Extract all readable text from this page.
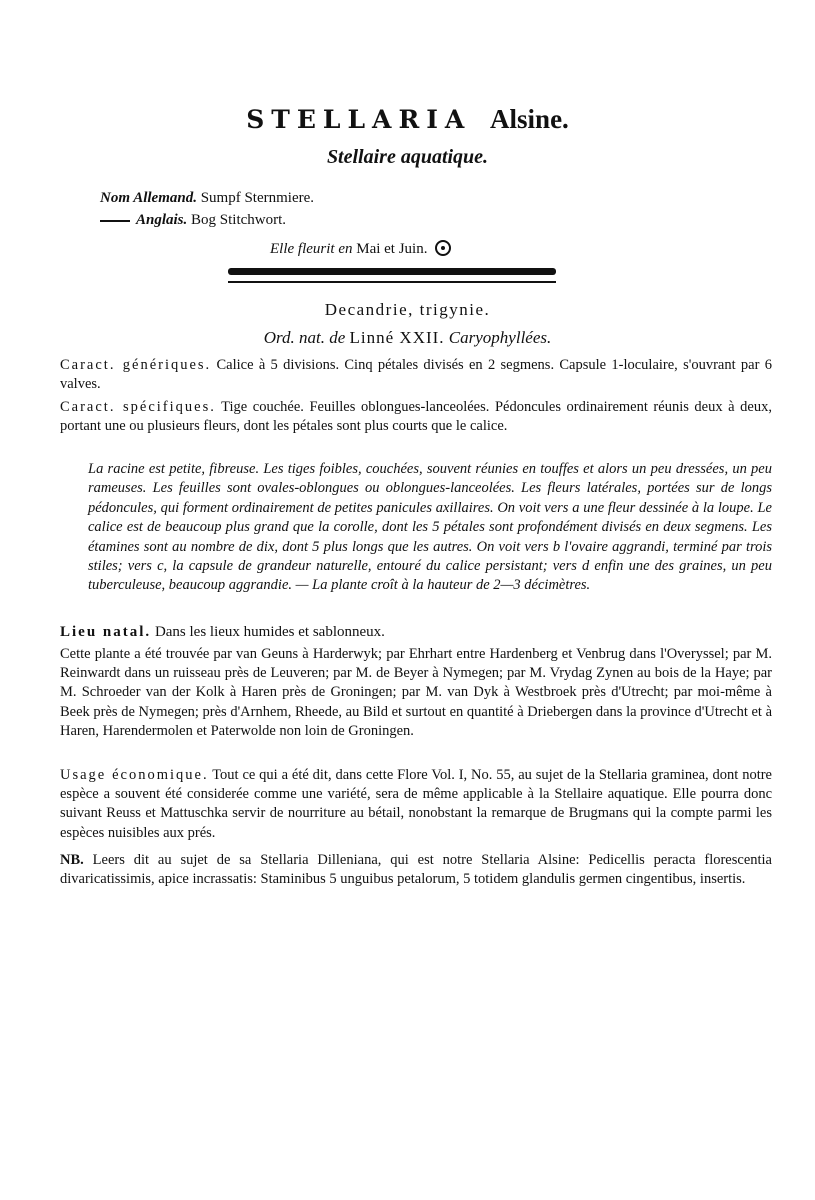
STELLARIA Alsine.
Stellaire aquatique.
Nom Allemand. Sumpf Sternmiere.
Anglais. Bog Stitchwort.
Elle fleurit en Mai et Juin.
Decandrie, trigynie.
Ord. nat. de Linné XXII. Caryophyllées.
Caract. génériques. Calice à 5 divisions. Cinq pétales divisés en 2 segmens. Capsule 1-loculaire, s'ouvrant par 6 valves.
Caract. spécifiques. Tige couchée. Feuilles oblongues-lanceolées. Pédoncules ordinairement réunis deux à deux, portant une ou plusieurs fleurs, dont les pétales sont plus courts que le calice.
La racine est petite, fibreuse. Les tiges foibles, couchées, souvent réunies en touffes et alors un peu dressées, un peu rameuses. Les feuilles sont ovales-oblongues ou oblongues-lanceolées. Les fleurs latérales, portées sur de longs pédoncules, qui forment ordinairement de petites panicules axillaires. On voit vers a une fleur dessinée à la loupe. Le calice est de beaucoup plus grand que la corolle, dont les 5 pétales sont profondément divisés en deux segmens. Les étamines sont au nombre de dix, dont 5 plus longs que les autres. On voit vers b l'ovaire aggrandi, terminé par trois stiles; vers c, la capsule de grandeur naturelle, entouré du calice persistant; vers d enfin une des graines, un peu tuberculeuse, beaucoup aggrandie. — La plante croît à la hauteur de 2—3 décimètres.
Lieu natal. Dans les lieux humides et sablonneux.
Cette plante a été trouvée par van Geuns à Harderwyk; par Ehrhart entre Hardenberg et Venbrug dans l'Overyssel; par M. Reinwardt dans un ruisseau près de Leuveren; par M. de Beyer à Nymegen; par M. Vrydag Zynen au bois de la Haye; par M. Schroeder van der Kolk à Haren près de Groningen; par M. van Dyk à Westbroek près d'Utrecht; par moi-même à Beek près de Nymegen; près d'Arnhem, Rheede, au Bild et surtout en quantité à Driebergen dans la province d'Utrecht et à Haren, Harendermolen et Paterwolde non loin de Groningen.
Usage économique. Tout ce qui a été dit, dans cette Flore Vol. I, No. 55, au sujet de la Stellaria graminea, dont notre espèce a souvent été considerée comme une variété, sera de même applicable à la Stellaire aquatique. Elle pourra donc suivant Reuss et Mattuschka servir de nourriture au bétail, nonobstant la remarque de Brugmans qui la compte parmi les espèces nuisibles aux prés.
NB. Leers dit au sujet de sa Stellaria Dilleniana, qui est notre Stellaria Alsine: Pedicellis peracta florescentia divaricatissimis, apice incrassatis: Staminibus 5 unguibus petalorum, 5 totidem glandulis germen cingentibus, insertis.
